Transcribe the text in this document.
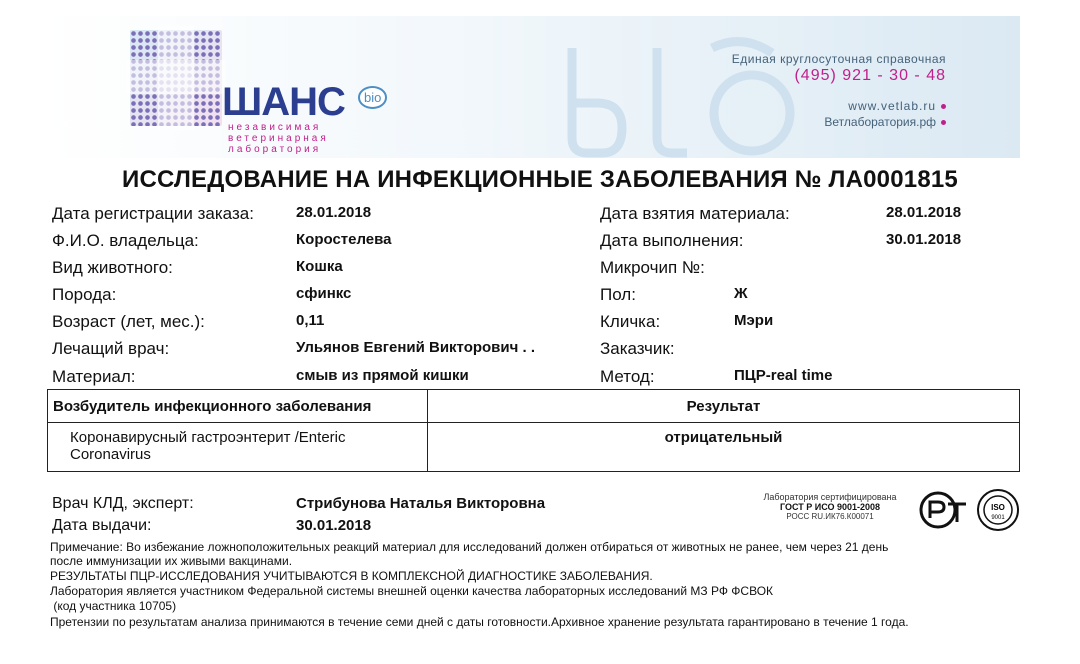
ШАНС	bio
независимая
ветеринарная
лаборатория
Единая круглосуточная справочная
(495) 921 - 30 - 48
www.vetlab.ru
Ветлаборатория.рф
ИССЛЕДОВАНИЕ НА ИНФЕКЦИОННЫЕ ЗАБОЛЕВАНИЯ № ЛА0001815
Дата регистрации заказа:	28.01.2018
Ф.И.О. владельца:	Коростелева
Вид животного:	Кошка
Порода:	сфинкс
Возраст (лет, мес.):	0,11
Лечащий врач:	Ульянов Евгений Викторович . .
Материал:	смыв из прямой кишки
Дата взятия материала:	28.01.2018
Дата выполнения:	30.01.2018
Микрочип №:
Пол:	Ж
Кличка:	Мэри
Заказчик:
Метод:	ПЦР-real time
Возбудитель инфекционного заболевания	Результат
Коронавирусный гастроэнтерит /Enteric Coronavirus	отрицательный
Врач КЛД, эксперт:	Стрибунова Наталья Викторовна
Дата выдачи:	30.01.2018
Лаборатория сертифицирована
ГОСТ Р ИСО 9001-2008
РОСС RU.ИК76.К00071
ISO
9001
Примечание: Во избежание ложноположительных реакций материал для исследований должен отбираться от животных не ранее, чем через 21 день
после иммунизации их живыми вакцинами.
РЕЗУЛЬТАТЫ ПЦР-ИССЛЕДОВАНИЯ УЧИТЫВАЮТСЯ В КОМПЛЕКСНОЙ ДИАГНОСТИКЕ ЗАБОЛЕВАНИЯ.
Лаборатория является участником Федеральной системы внешней оценки качества лабораторных исследований МЗ РФ ФСВОК
(код участника 10705)
Претензии по результатам анализа принимаются в течение семи дней с даты готовности.Архивное хранение результата гарантировано в течение 1 года.
